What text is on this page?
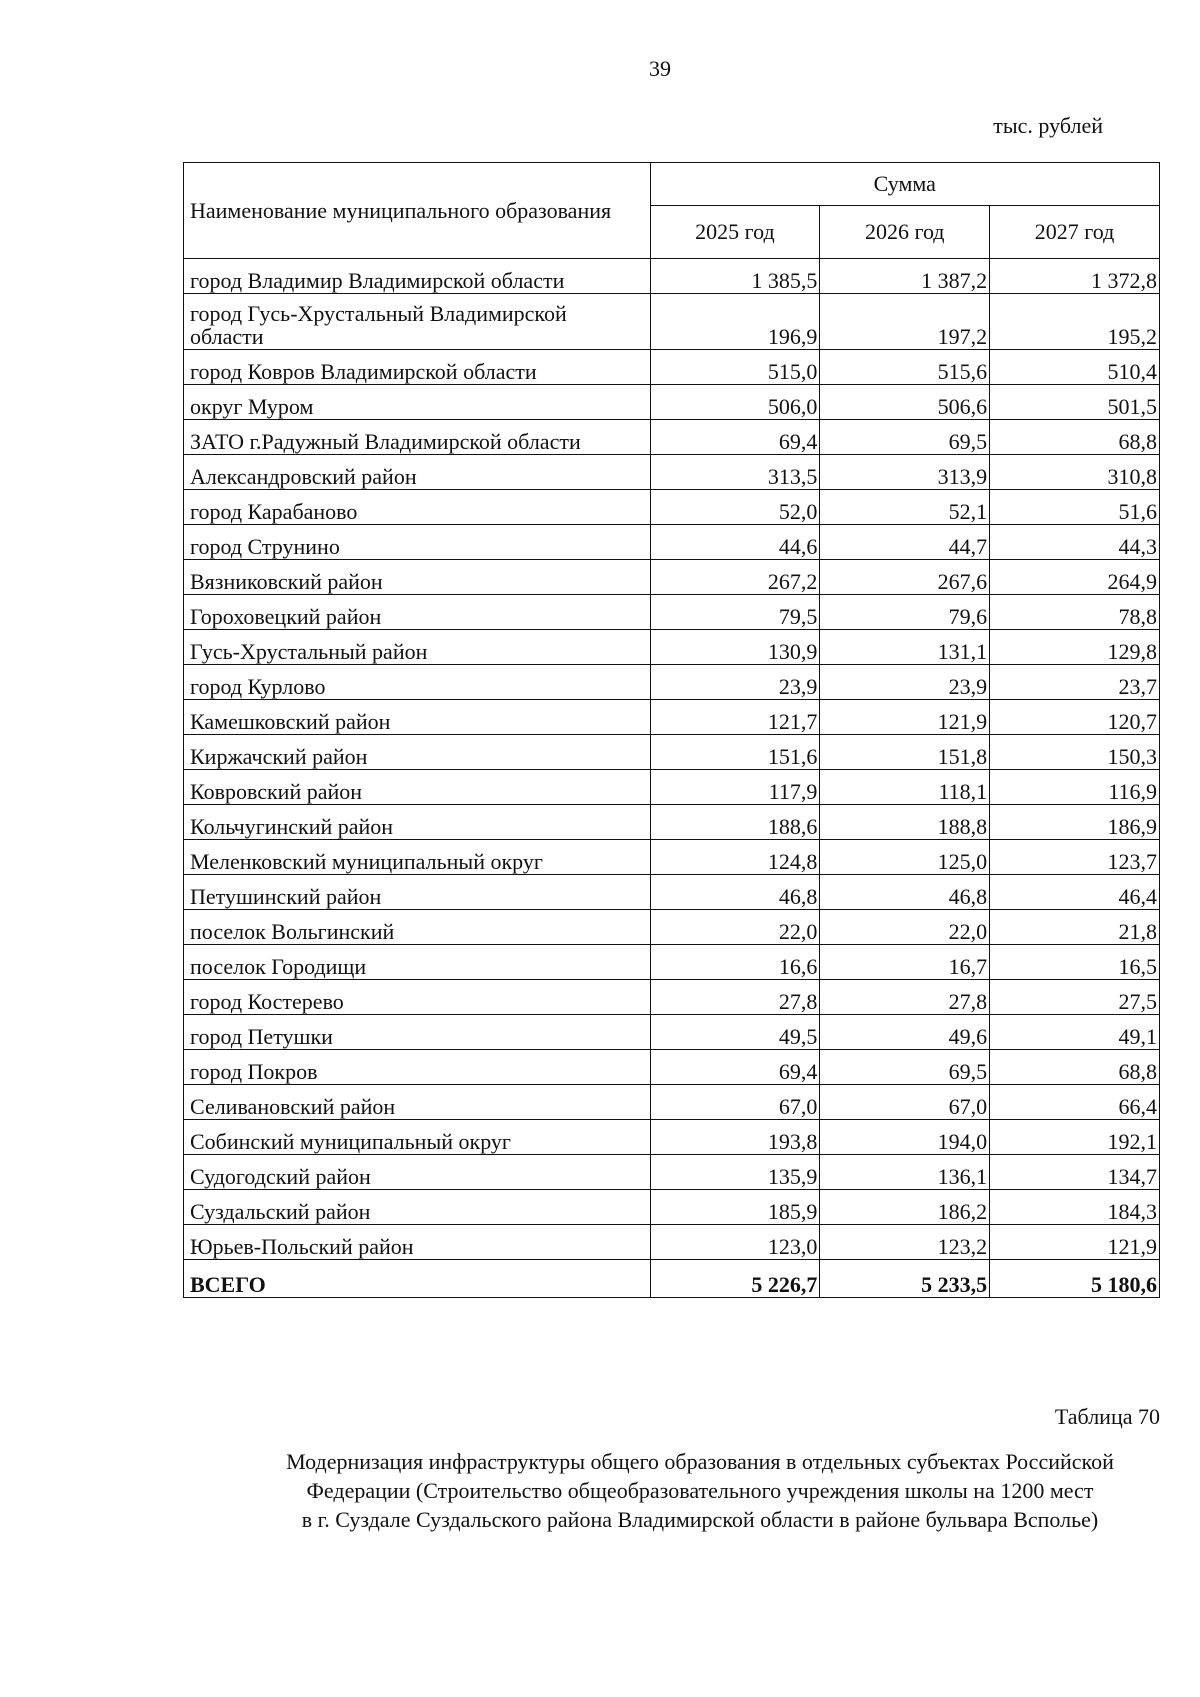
39
тыс. рублей
Наименование муниципального образования	Сумма		
	2025 год	2026 год	2027 год
город Владимир Владимирской области	1 385,5	1 387,2	1 372,8
город Гусь-Хрустальный Владимирской области	196,9	197,2	195,2
город Ковров Владимирской области	515,0	515,6	510,4
округ Муром	506,0	506,6	501,5
ЗАТО г.Радужный Владимирской области	69,4	69,5	68,8
Александровский район	313,5	313,9	310,8
город Карабаново	52,0	52,1	51,6
город Струнино	44,6	44,7	44,3
Вязниковский район	267,2	267,6	264,9
Гороховецкий район	79,5	79,6	78,8
Гусь-Хрустальный район	130,9	131,1	129,8
город Курлово	23,9	23,9	23,7
Камешковский район	121,7	121,9	120,7
Киржачский район	151,6	151,8	150,3
Ковровский район	117,9	118,1	116,9
Кольчугинский район	188,6	188,8	186,9
Меленковский муниципальный округ	124,8	125,0	123,7
Петушинский район	46,8	46,8	46,4
поселок Вольгинский	22,0	22,0	21,8
поселок Городищи	16,6	16,7	16,5
город Костерево	27,8	27,8	27,5
город Петушки	49,5	49,6	49,1
город Покров	69,4	69,5	68,8
Селивановский район	67,0	67,0	66,4
Собинский муниципальный округ	193,8	194,0	192,1
Судогодский район	135,9	136,1	134,7
Суздальский район	185,9	186,2	184,3
Юрьев-Польский район	123,0	123,2	121,9
ВСЕГО	5 226,7	5 233,5	5 180,6
Таблица 70
Модернизация инфраструктуры общего образования в отдельных субъектах Российской
Федерации (Строительство общеобразовательного учреждения школы на 1200 мест
в г. Суздале Суздальского района Владимирской области в районе бульвара Всполье)
